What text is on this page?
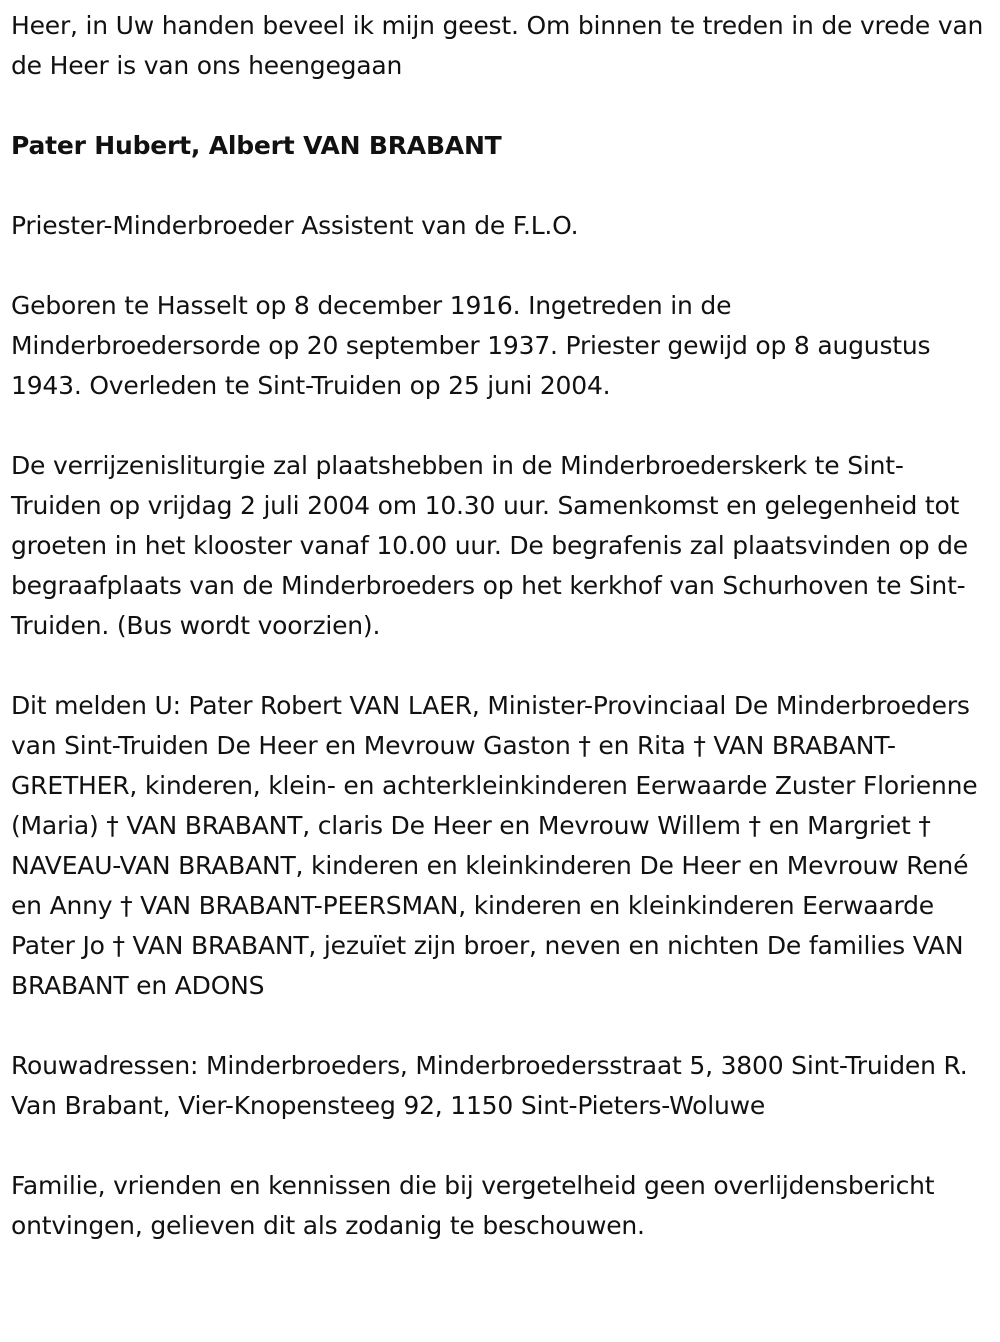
Heer, in Uw handen beveel ik mijn geest. Om binnen te treden in de vrede van de Heer is van ons heengegaan

Pater Hubert, Albert VAN BRABANT

Priester-Minderbroeder Assistent van de F.L.O.

Geboren te Hasselt op 8 december 1916. Ingetreden in de Minderbroedersorde op 20 september 1937. Priester gewijd op 8 augustus 1943. Overleden te Sint-Truiden op 25 juni 2004.

De verrijzenisliturgie zal plaatshebben in de Minderbroederskerk te Sint-Truiden op vrijdag 2 juli 2004 om 10.30 uur. Samenkomst en gelegenheid tot groeten in het klooster vanaf 10.00 uur. De begrafenis zal plaatsvinden op de begraafplaats van de Minderbroeders op het kerkhof van Schurhoven te Sint-Truiden. (Bus wordt voorzien).

Dit melden U: Pater Robert VAN LAER, Minister-Provinciaal De Minderbroeders van Sint-Truiden De Heer en Mevrouw Gaston † en Rita † VAN BRABANT-GRETHER, kinderen, klein- en achterkleinkinderen Eerwaarde Zuster Florienne (Maria) † VAN BRABANT, claris De Heer en Mevrouw Willem † en Margriet † NAVEAU-VAN BRABANT, kinderen en kleinkinderen De Heer en Mevrouw René en Anny † VAN BRABANT-PEERSMAN, kinderen en kleinkinderen Eerwaarde Pater Jo † VAN BRABANT, jezuïet zijn broer, neven en nichten De families VAN BRABANT en ADONS

Rouwadressen: Minderbroeders, Minderbroedersstraat 5, 3800 Sint-Truiden R. Van Brabant, Vier-Knopensteeg 92, 1150 Sint-Pieters-Woluwe

Familie, vrienden en kennissen die bij vergetelheid geen overlijdensbericht ontvingen, gelieven dit als zodanig te beschouwen.
